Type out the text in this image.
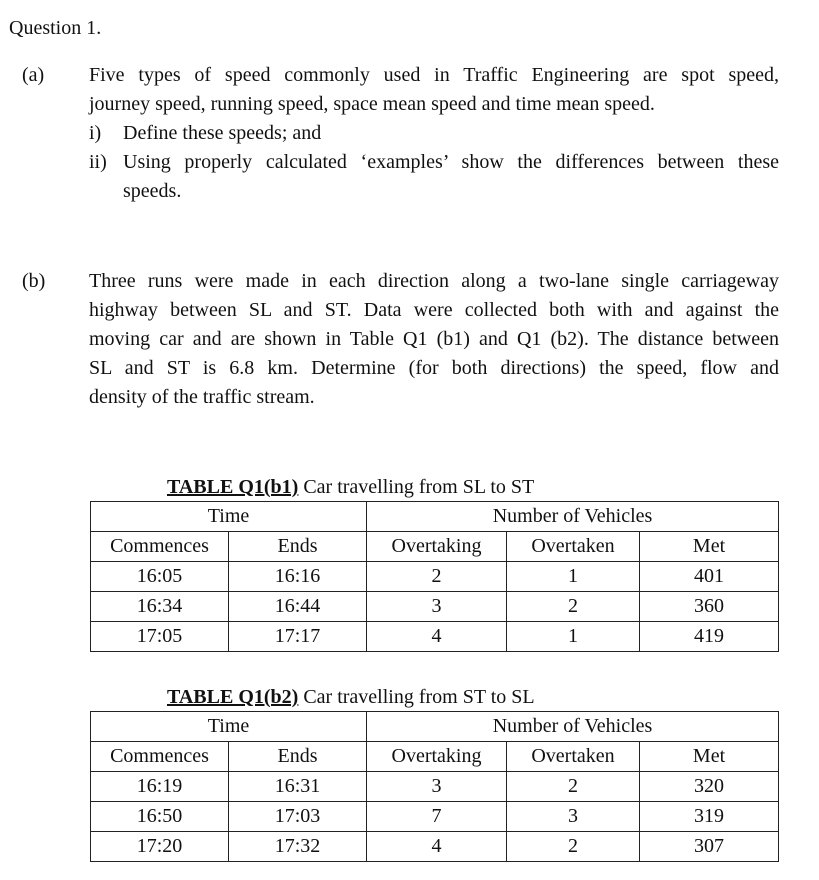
Question 1.
(a) Five types of speed commonly used in Traffic Engineering are spot speed,
journey speed, running speed, space mean speed and time mean speed.
i) Define these speeds; and
ii) Using properly calculated ‘examples’ show the differences between these
speeds.
(b) Three runs were made in each direction along a two-lane single carriageway
highway between SL and ST. Data were collected both with and against the
moving car and are shown in Table Q1 (b1) and Q1 (b2). The distance between
SL and ST is 6.8 km. Determine (for both directions) the speed, flow and
density of the traffic stream.
TABLE Q1(b1) Car travelling from SL to ST
Time		Number of Vehicles		
Commences	Ends	Overtaking	Overtaken	Met
16:05	16:16	2	1	401
16:34	16:44	3	2	360
17:05	17:17	4	1	419
TABLE Q1(b2) Car travelling from ST to SL
Time		Number of Vehicles		
Commences	Ends	Overtaking	Overtaken	Met
16:19	16:31	3	2	320
16:50	17:03	7	3	319
17:20	17:32	4	2	307
